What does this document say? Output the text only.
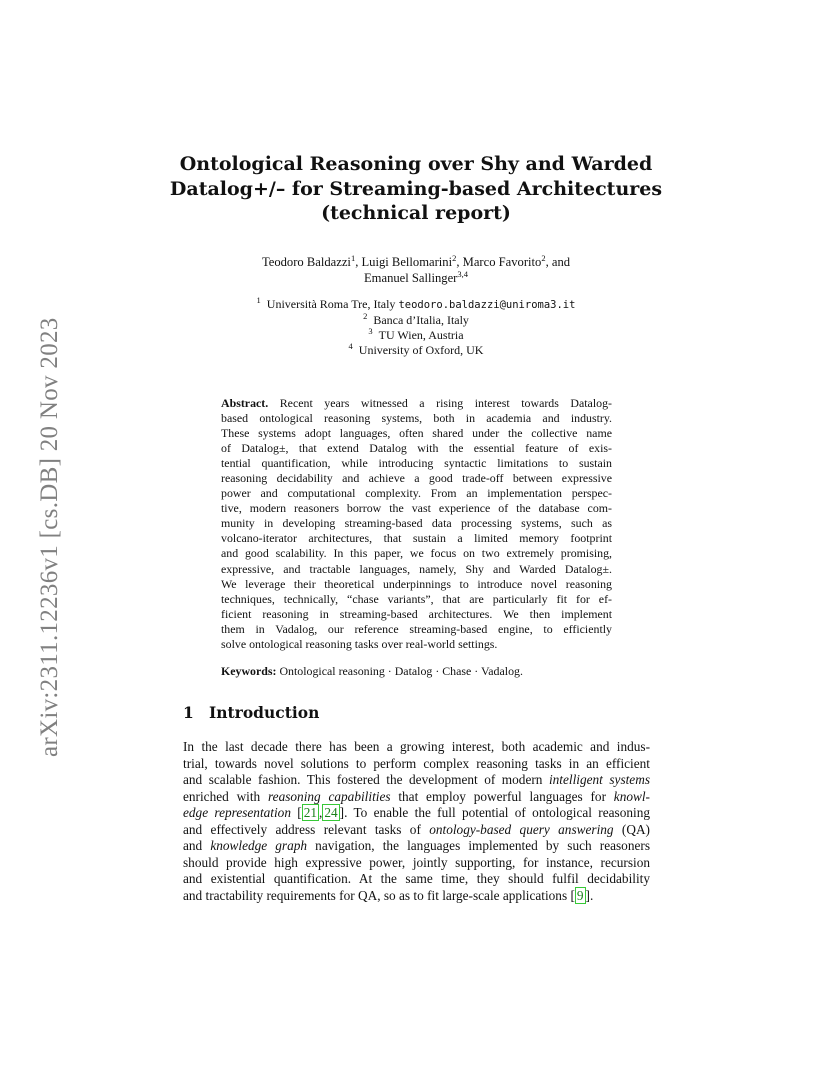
arXiv:2311.12236v1 [cs.DB] 20 Nov 2023
Ontological Reasoning over Shy and Warded
Datalog+/– for Streaming-based Architectures
(technical report)
Teodoro Baldazzi$^1$, Luigi Bellomarini$^2$, Marco Favorito$^2$, and
Emanuel Sallinger$^{3,4}$
$^1$ Università Roma Tre, Italy teodoro.baldazzi@uniroma3.it
$^2$ Banca d’Italia, Italy
$^3$ TU Wien, Austria
$^4$ University of Oxford, UK
Abstract. Recent years witnessed a rising interest towards Datalog-
based ontological reasoning systems, both in academia and industry.
These systems adopt languages, often shared under the collective name
of Datalog±, that extend Datalog with the essential feature of exis-
tential quantification, while introducing syntactic limitations to sustain
reasoning decidability and achieve a good trade-off between expressive
power and computational complexity. From an implementation perspec-
tive, modern reasoners borrow the vast experience of the database com-
munity in developing streaming-based data processing systems, such as
volcano-iterator architectures, that sustain a limited memory footprint
and good scalability. In this paper, we focus on two extremely promising,
expressive, and tractable languages, namely, Shy and Warded Datalog±.
We leverage their theoretical underpinnings to introduce novel reasoning
techniques, technically, “chase variants”, that are particularly fit for ef-
ficient reasoning in streaming-based architectures. We then implement
them in Vadalog, our reference streaming-based engine, to efficiently
solve ontological reasoning tasks over real-world settings.
Keywords: Ontological reasoning · Datalog · Chase · Vadalog.
1 Introduction
In the last decade there has been a growing interest, both academic and indus-
trial, towards novel solutions to perform complex reasoning tasks in an efficient
and scalable fashion. This fostered the development of modern intelligent systems
enriched with reasoning capabilities that employ powerful languages for knowl-
edge representation [ 21 , 24 ]. To enable the full potential of ontological reasoning
and effectively address relevant tasks of ontology-based query answering (QA)
and knowledge graph navigation, the languages implemented by such reasoners
should provide high expressive power, jointly supporting, for instance, recursion
and existential quantification. At the same time, they should fulfil decidability
and tractability requirements for QA, so as to fit large-scale applications [ 9 ].
